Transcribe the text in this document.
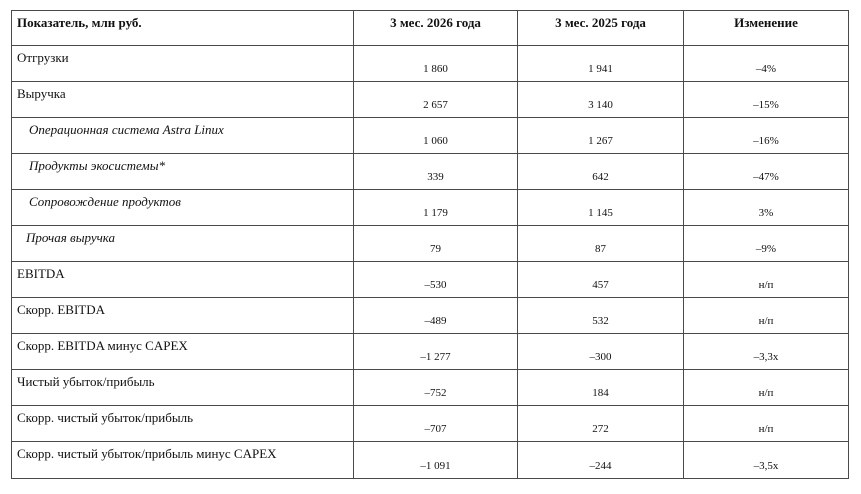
Показатель, млн руб.	3 мес. 2026 года	3 мес. 2025 года	Изменение
Отгрузки	1 860	1 941	–4%
Выручка	2 657	3 140	–15%
Операционная система Astra Linux	1 060	1 267	–16%
Продукты экосистемы*	339	642	–47%
Сопровождение продуктов	1 179	1 145	3%
Прочая выручка	79	87	–9%
EBITDA	–530	457	н/п
Скорр. EBITDA	–489	532	н/п
Скорр. EBITDA минус CAPEX	–1 277	–300	–3,3x
Чистый убыток/прибыль	–752	184	н/п
Скорр. чистый убыток/прибыль	–707	272	н/п
Скорр. чистый убыток/прибыль минус CAPEX	–1 091	–244	–3,5x
